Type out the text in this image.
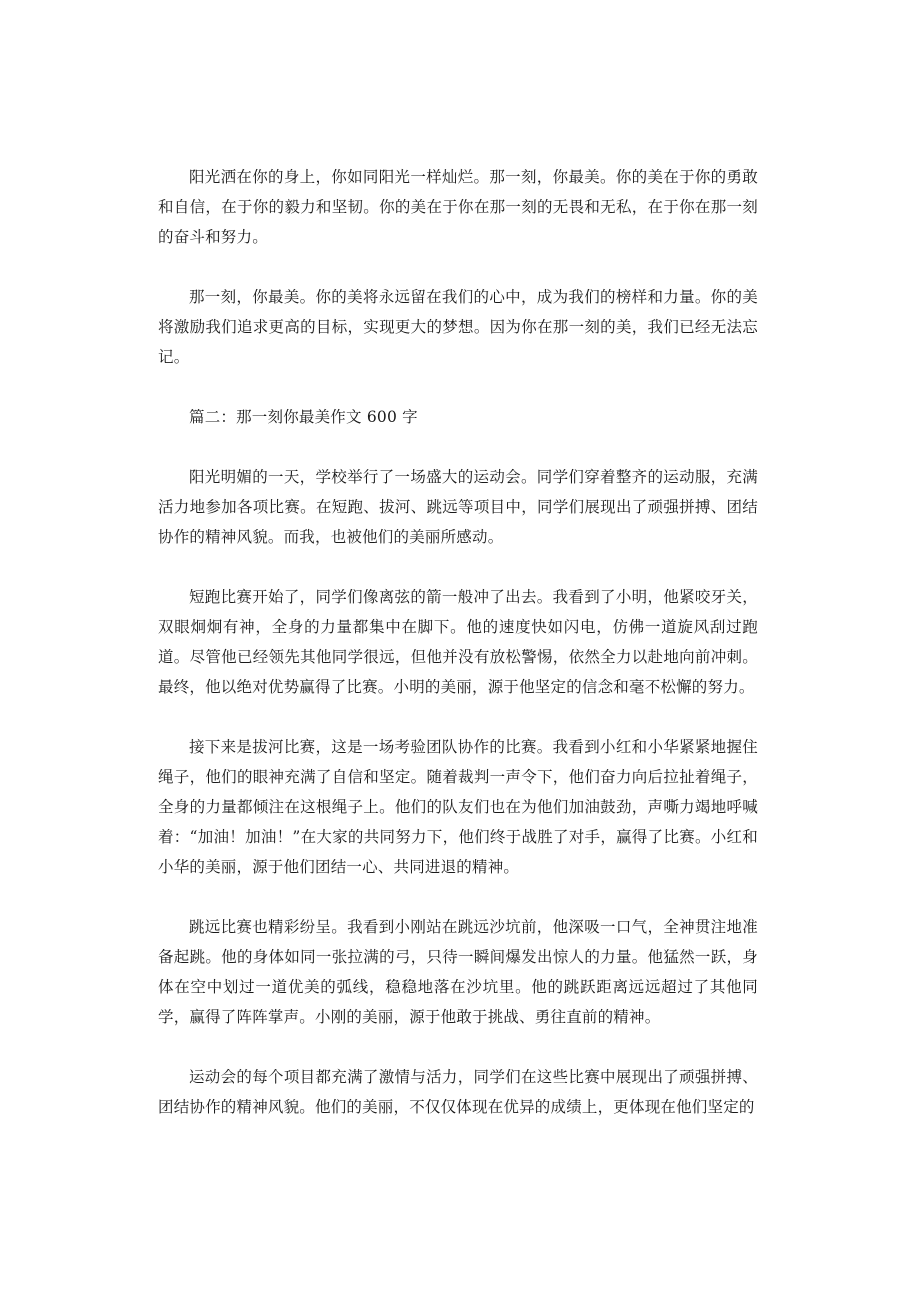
阳光洒在你的身上，你如同阳光一样灿烂。那一刻，你最美。你的美在于你的勇敢和自信，在于你的毅力和坚韧。你的美在于你在那一刻的无畏和无私，在于你在那一刻的奋斗和努力。

那一刻，你最美。你的美将永远留在我们的心中，成为我们的榜样和力量。你的美将激励我们追求更高的目标，实现更大的梦想。因为你在那一刻的美，我们已经无法忘记。

篇二：那一刻你最美作文 600 字

阳光明媚的一天，学校举行了一场盛大的运动会。同学们穿着整齐的运动服，充满活力地参加各项比赛。在短跑、拔河、跳远等项目中，同学们展现出了顽强拼搏、团结协作的精神风貌。而我，也被他们的美丽所感动。

短跑比赛开始了，同学们像离弦的箭一般冲了出去。我看到了小明，他紧咬牙关，双眼炯炯有神，全身的力量都集中在脚下。他的速度快如闪电，仿佛一道旋风刮过跑道。尽管他已经领先其他同学很远，但他并没有放松警惕，依然全力以赴地向前冲刺。最终，他以绝对优势赢得了比赛。小明的美丽，源于他坚定的信念和毫不松懈的努力。

接下来是拔河比赛，这是一场考验团队协作的比赛。我看到小红和小华紧紧地握住绳子，他们的眼神充满了自信和坚定。随着裁判一声令下，他们奋力向后拉扯着绳子，全身的力量都倾注在这根绳子上。他们的队友们也在为他们加油鼓劲，声嘶力竭地呼喊着：“加油！加油！”在大家的共同努力下，他们终于战胜了对手，赢得了比赛。小红和小华的美丽，源于他们团结一心、共同进退的精神。

跳远比赛也精彩纷呈。我看到小刚站在跳远沙坑前，他深吸一口气，全神贯注地准备起跳。他的身体如同一张拉满的弓，只待一瞬间爆发出惊人的力量。他猛然一跃，身体在空中划过一道优美的弧线，稳稳地落在沙坑里。他的跳跃距离远远超过了其他同学，赢得了阵阵掌声。小刚的美丽，源于他敢于挑战、勇往直前的精神。

运动会的每个项目都充满了激情与活力，同学们在这些比赛中展现出了顽强拼搏、团结协作的精神风貌。他们的美丽，不仅仅体现在优异的成绩上，更体现在他们坚定的
